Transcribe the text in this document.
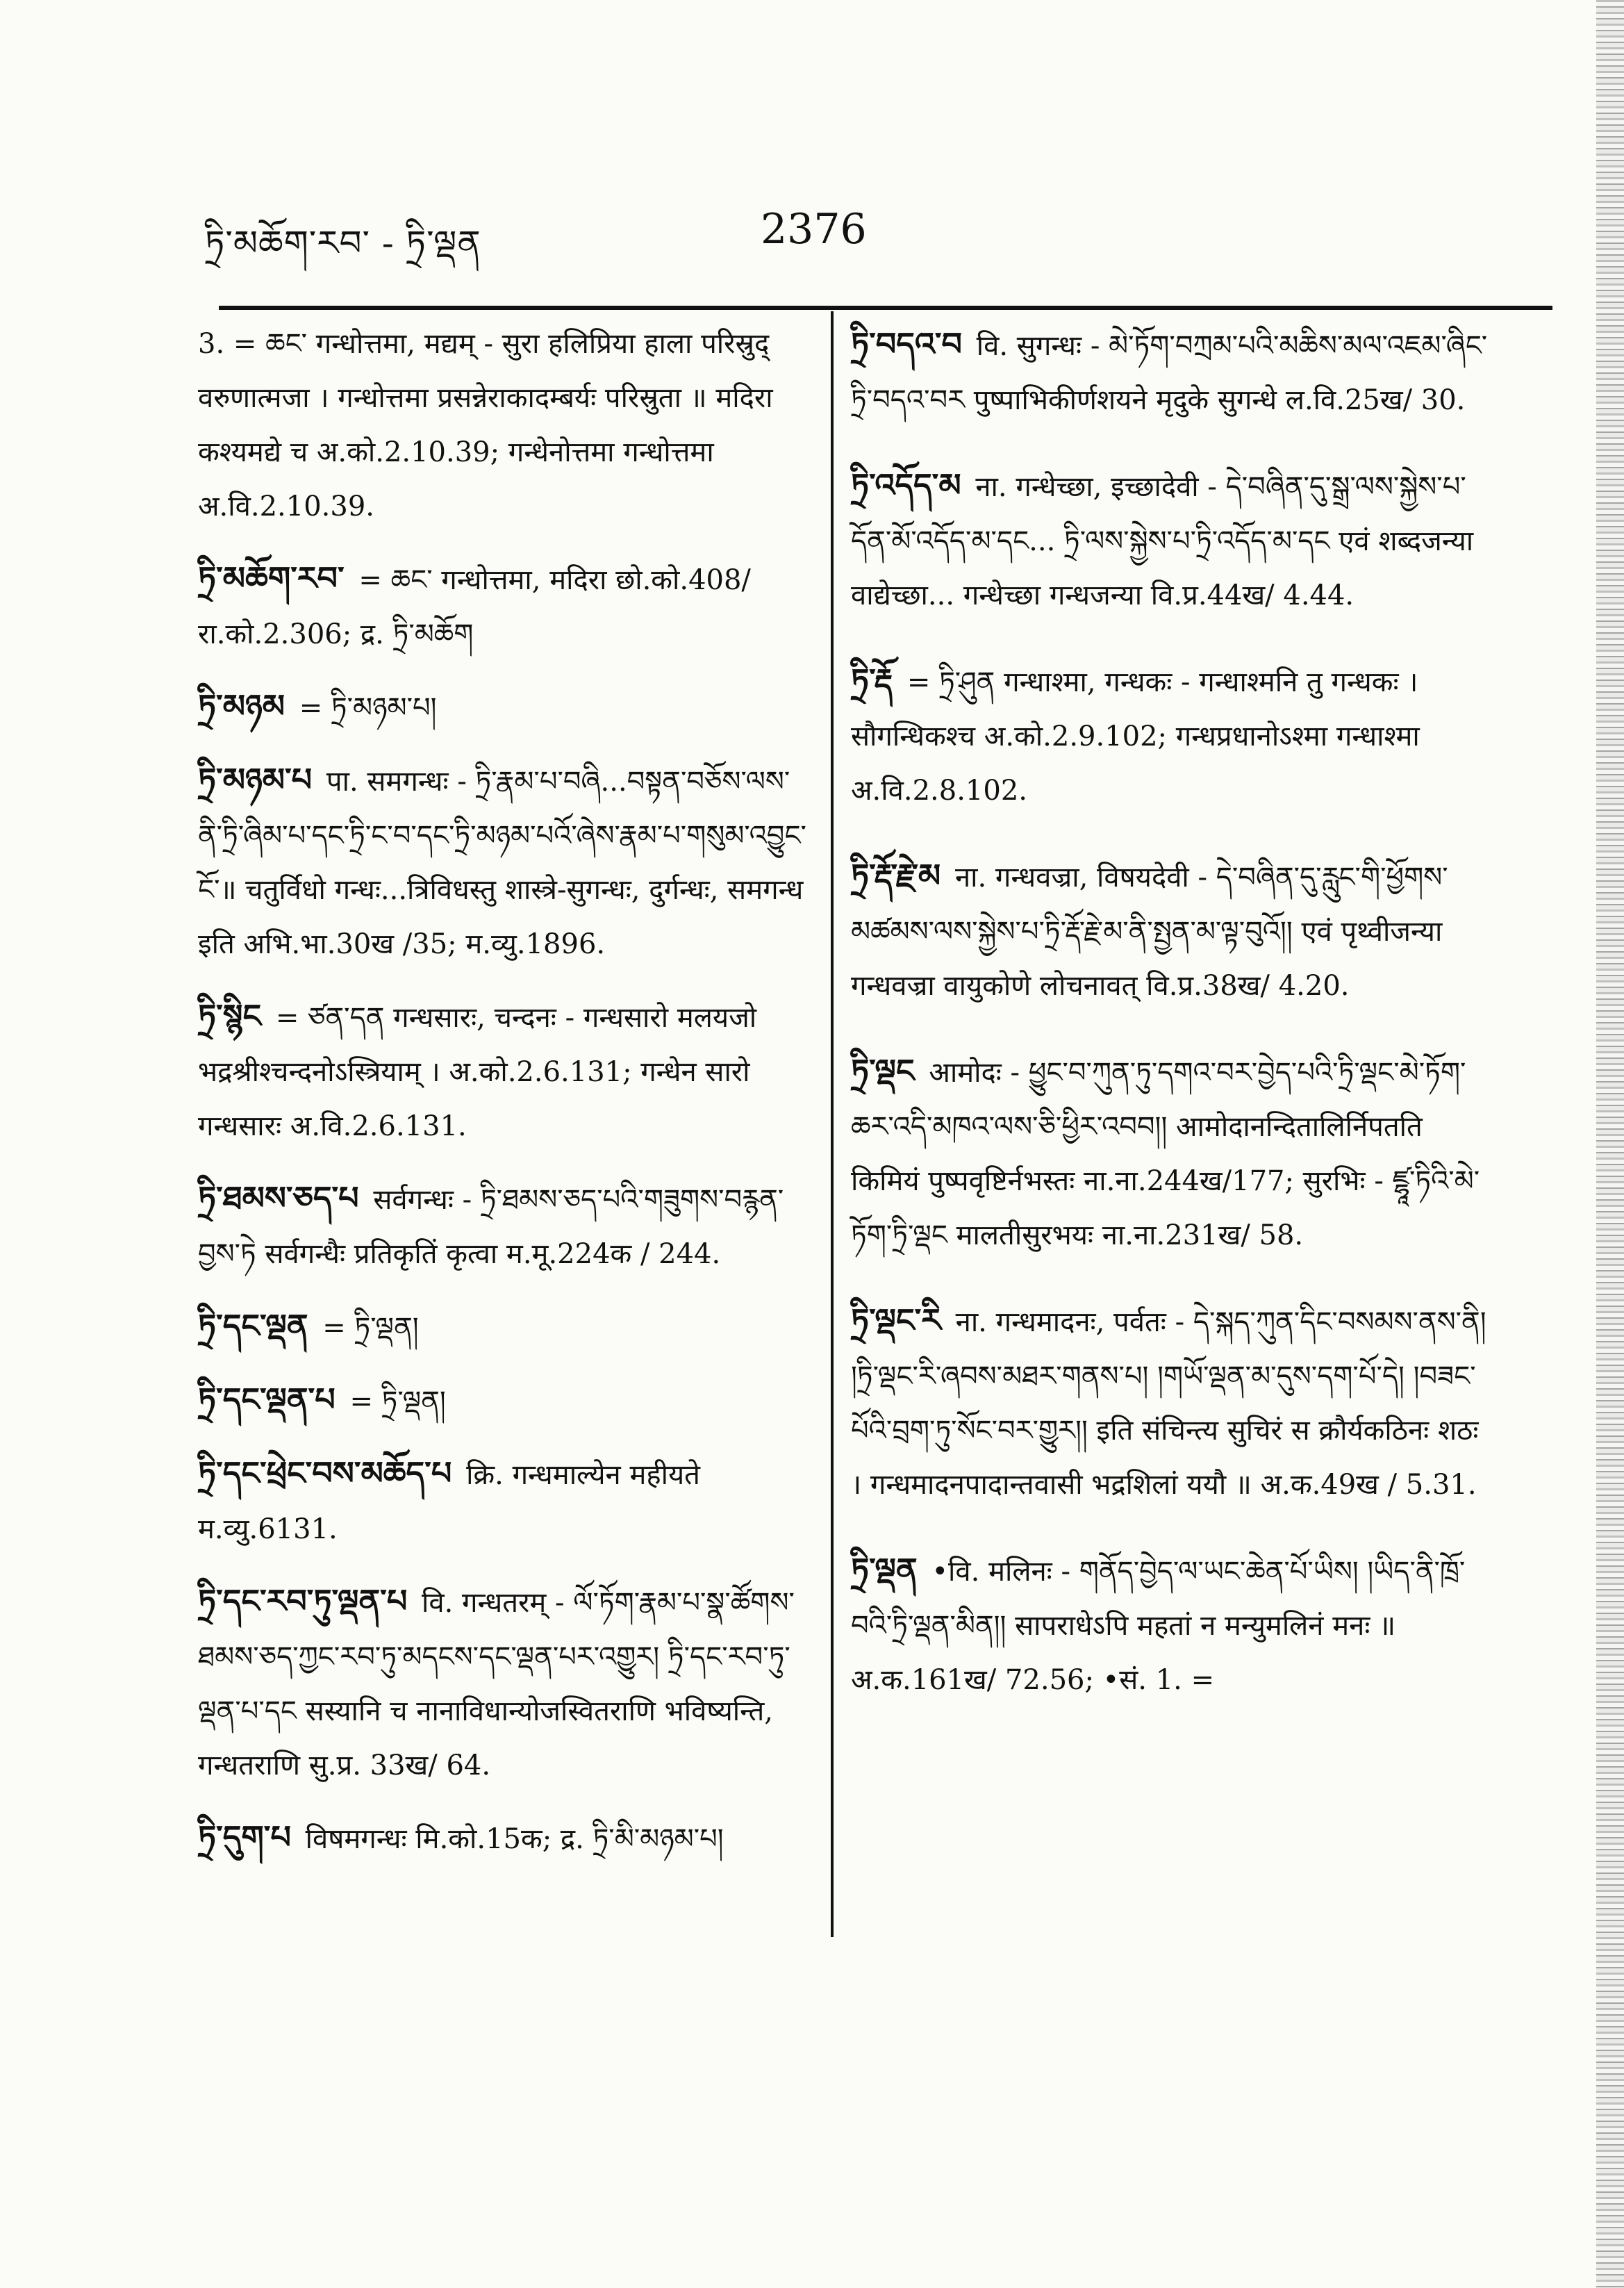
ཏྲི་མཆོག་རབ་ - ཏྲི་ལྡན	2376
3. = ཆང་ गन्धोत्तमा, मद्यम् - सुरा हलिप्रिया हाला परिस्रुद् वरुणात्मजा । गन्धोत्तमा प्रसन्नेराकादम्बर्यः परिस्रुता ॥ मदिरा कश्यमद्ये च अ.को.2.10.39; गन्धेनोत्तमा गन्धोत्तमा अ.वि.2.10.39.
ཏྲི་མཆོག་རབ་ = ཆང་ गन्धोत्तमा, मदिरा छो.को.408/ रा.को.2.306; द्र. ཏྲི་མཆོག
ཏྲི་མཉམ = ཏྲི་མཉམ་པ།
ཏྲི་མཉམ་པ पा. समगन्धः - ཏྲི་རྣམ་པ་བཞི...བསྟན་བཅོས་ལས་ནི་ཏྲི་ཞིམ་པ་དང་ཏྲི་ང་བ་དང་ཏྲི་མཉམ་པའོ་ཞེས་རྣམ་པ་གསུམ་འབྱུང་ངོ་॥ चतुर्विधो गन्धः...त्रिविधस्तु शास्त्रे-सुगन्धः, दुर्गन्धः, समगन्ध इति अभि.भा.30ख /35; म.व्यु.1896.
ཏྲི་སྙིང = ཙན་དན गन्धसारः, चन्दनः - गन्धसारो मलयजो भद्रश्रीश्चन्दनोऽस्त्रियाम् । अ.को.2.6.131; गन्धेन सारो गन्धसारः अ.वि.2.6.131.
ཏྲི་ཐམས་ཅད་པ सर्वगन्धः - ཏྲི་ཐམས་ཅད་པའི་གཟུགས་བརྙན་བྱས་ཏེ सर्वगन्धैः प्रतिकृतिं कृत्वा म.मू.224क / 244.
ཏྲི་དང་ལྡན = ཏྲི་ལྡན།
ཏྲི་དང་ལྡན་པ = ཏྲི་ལྡན།
ཏྲི་དང་ཕྲེང་བས་མཆོད་པ क्रि. गन्धमाल्येन महीयते म.व्यु.6131.
ཏྲི་དང་རབ་ཏུ་ལྡན་པ वि. गन्धतरम् - ལོ་ཏོག་རྣམ་པ་སྣ་ཚོགས་ཐམས་ཅད་ཀྱང་རབ་ཏུ་མདངས་དང་ལྡན་པར་འགྱུར། ཏྲི་དང་རབ་ཏུ་ལྡན་པ་དང सस्यानि च नानाविधान्योजस्वितराणि भविष्यन्ति, गन्धतराणि सु.प्र. 33ख/ 64.
ཏྲི་དུག་པ विषमगन्धः मि.को.15क; द्र. ཏྲི་མི་མཉམ་པ།
ཏྲི་བདའ་བ वि. सुगन्धः - མེ་ཏོག་བཀྲམ་པའི་མཆིས་མལ་འཇམ་ཞིང་ཏྲི་བདའ་བར पुष्पाभिकीर्णशयने मृदुके सुगन्धे ल.वि.25ख/ 30.
ཏྲི་འདོད་མ ना. गन्धेच्छा, इच्छादेवी - དེ་བཞིན་དུ་སྒྲ་ལས་སྐྱེས་པ་དོན་མོ་འདོད་མ་དང... ཏྲི་ལས་སྐྱེས་པ་ཏྲི་འདོད་མ་དང एवं शब्दजन्या वाद्येच्छा... गन्धेच्छा गन्धजन्या वि.प्र.44ख/ 4.44.
ཏྲི་རྡོ = ཏྲི་ཤུན गन्धाश्मा, गन्धकः - गन्धाश्मनि तु गन्धकः । सौगन्धिकश्च अ.को.2.9.102; गन्धप्रधानोऽश्मा गन्धाश्मा अ.वि.2.8.102.
ཏྲི་རྡོ་རྗེ་མ ना. गन्धवज्रा, विषयदेवी - དེ་བཞིན་དུ་རླུང་གི་ཕྱོགས་མཚམས་ལས་སྐྱེས་པ་ཏྲི་རྡོ་རྗེ་མ་ནི་སྤྱན་མ་ལྟ་བུའོ།། एवं पृथ्वीजन्या गन्धवज्रा वायुकोणे लोचनावत् वि.प्र.38ख/ 4.20.
ཏྲི་ལྡང आमोदः - ཕྱུང་བ་ཀུན་ཏུ་དགའ་བར་བྱེད་པའི་ཏྲི་ལྡང་མེ་ཏོག་ཆར་འདི་མཁའ་ལས་ཅི་ཕྱིར་འབབ།། आमोदानन्दितालिर्निपतति किमियं पुष्पवृष्टिर्नभस्तः ना.ना.244ख/177; सुरभिः - ཛྷཱ་ཏིའི་མེ་ཏོག་ཏྲི་ལྡང मालतीसुरभयः ना.ना.231ख/ 58.
ཏྲི་ལྡང་རི ना. गन्धमादनः, पर्वतः - དེ་སྐད་ཀུན་དིང་བསམས་ནས་ནི། །ཏྲི་ལྡང་རི་ཞབས་མཐར་གནས་པ། །གཡོ་ལྡན་མ་དུས་དག་པོ་དེ། །བཟང་པོའི་བྲག་ཏུ་སོང་བར་གྱུར།། इति संचिन्त्य सुचिरं स क्रौर्यकठिनः शठः । गन्धमादनपादान्तवासी भद्रशिलां ययौ ॥ अ.क.49ख / 5.31.
ཏྲི་ལྡན •वि. मलिनः - གནོད་བྱེད་ལ་ཡང་ཆེན་པོ་ཡིས། །ཡིད་ནི་ཁྲོ་བའི་ཏྲི་ལྡན་མིན།། सापराधेऽपि महतां न मन्युमलिनं मनः ॥ अ.क.161ख/ 72.56; •सं. 1. =
